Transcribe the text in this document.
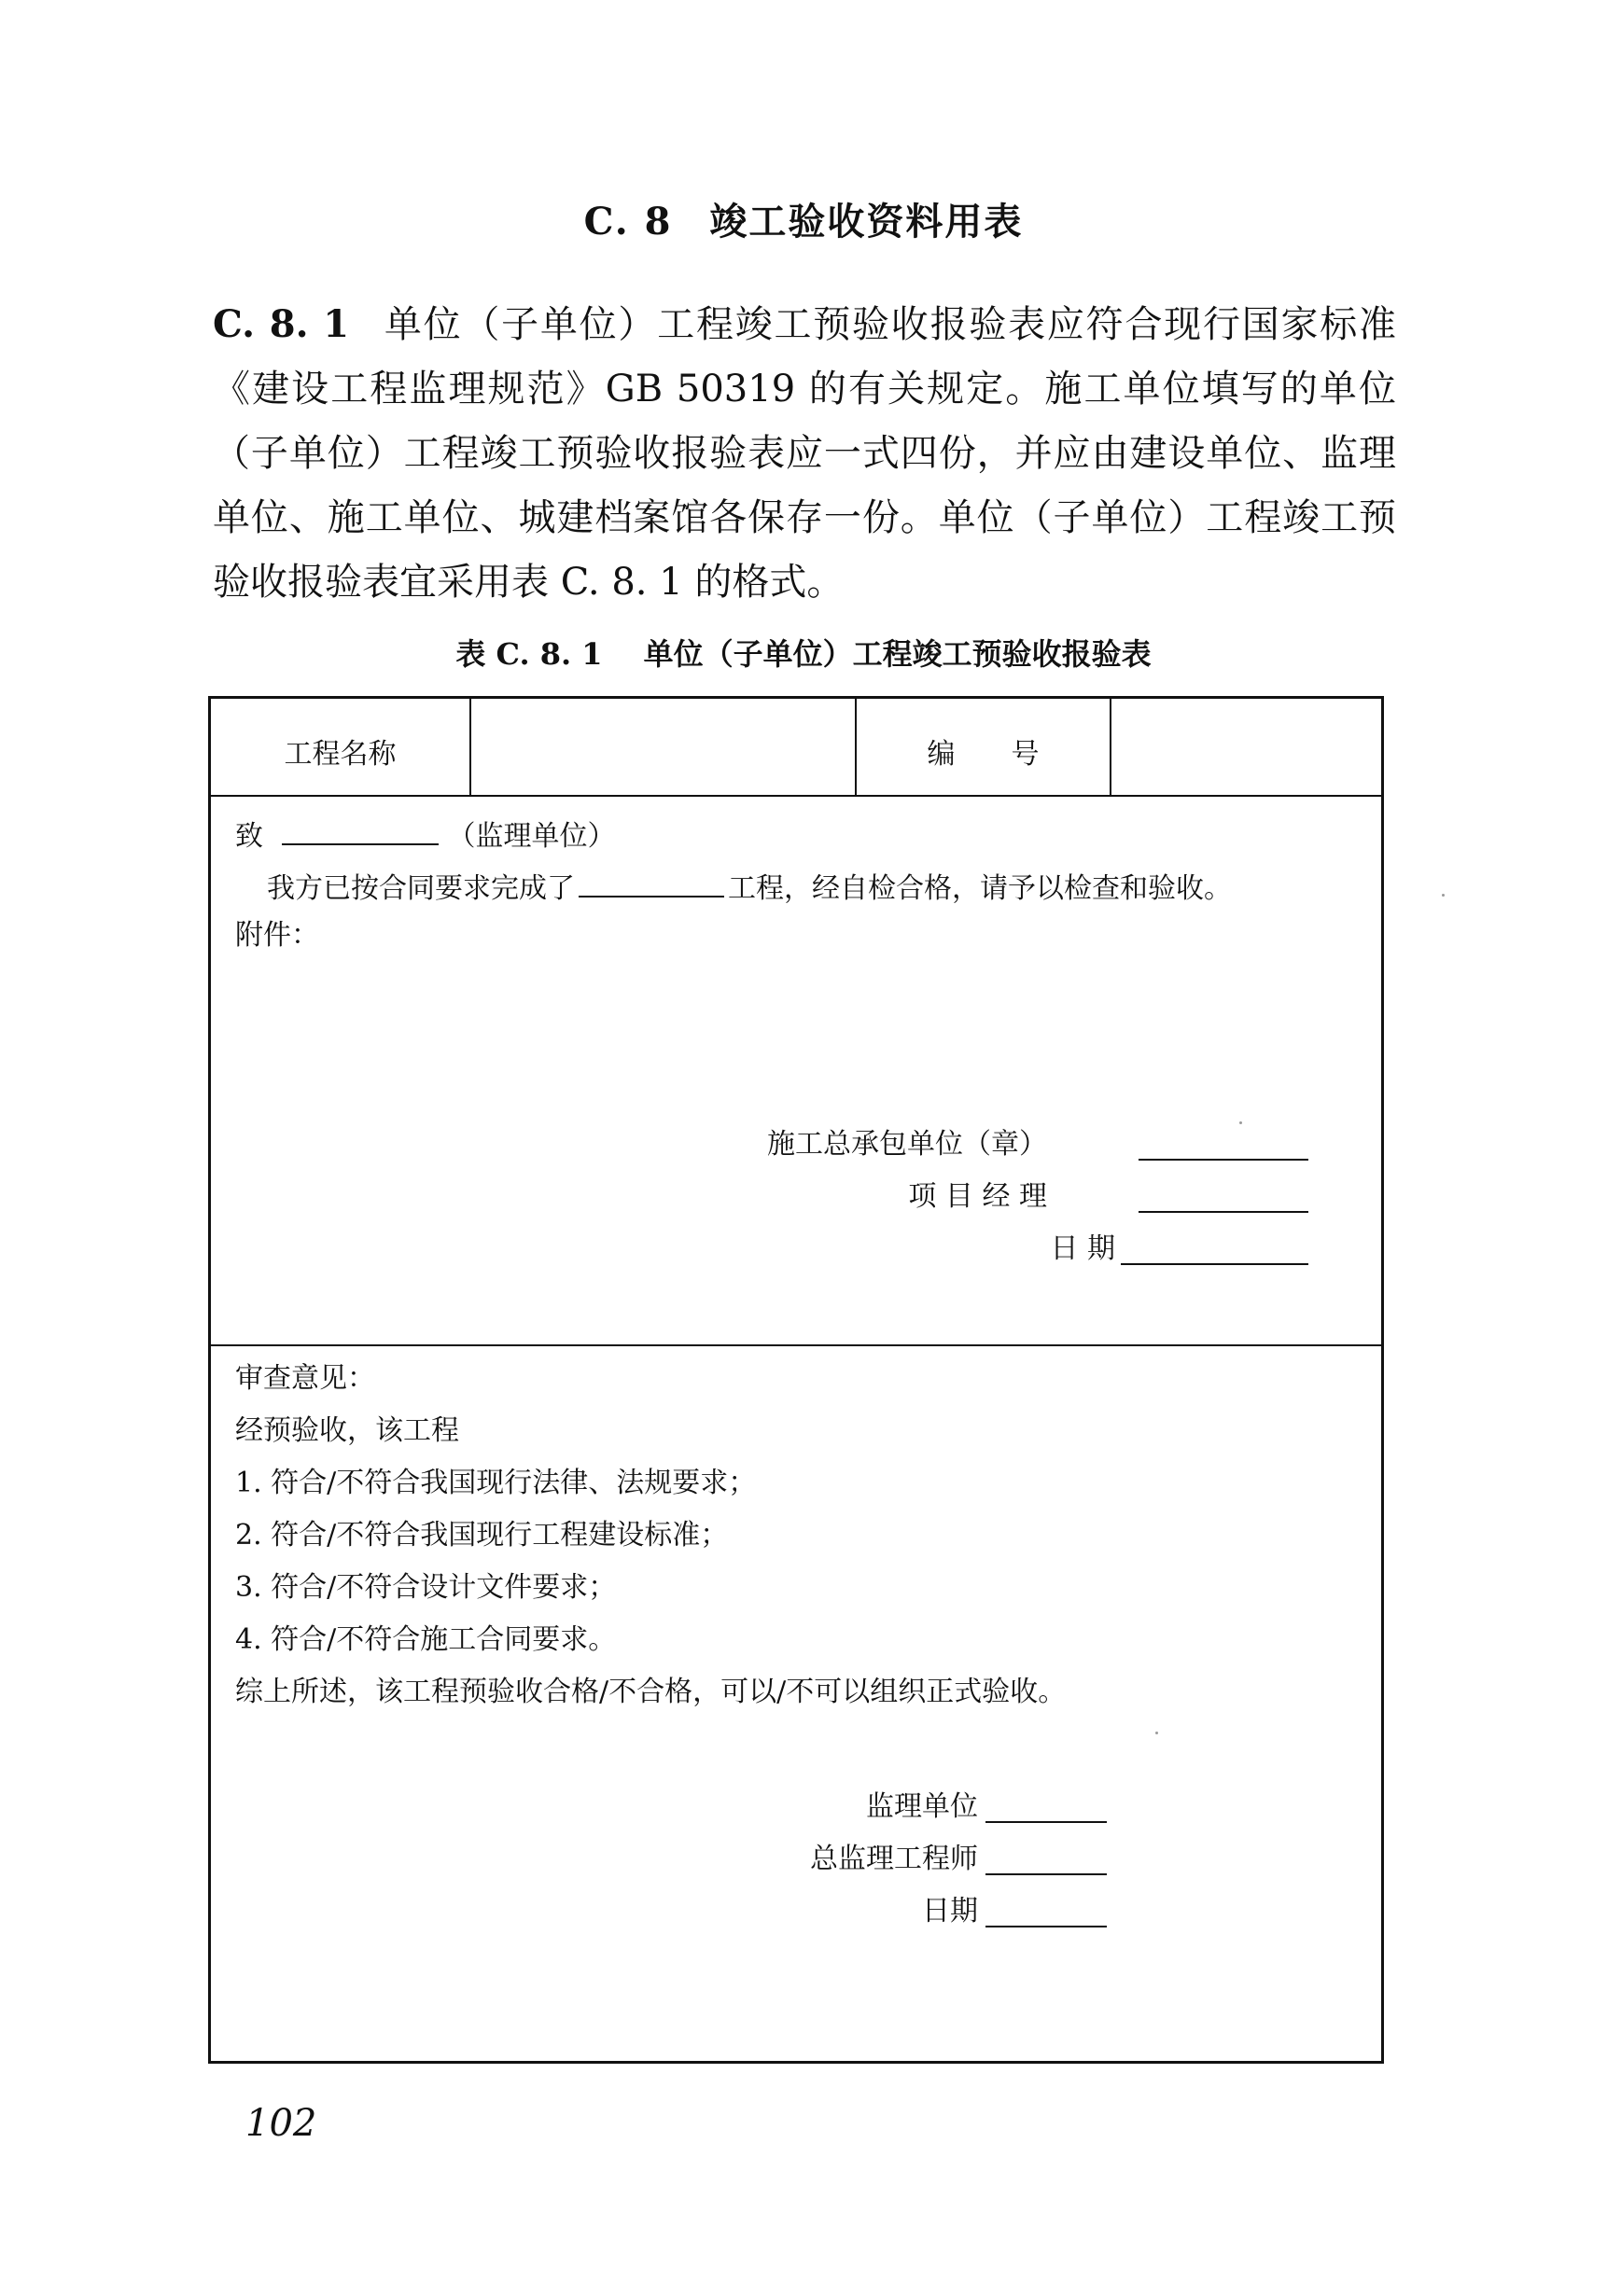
C. 8 竣工验收资料用表
C. 8. 1 单位（子单位）工程竣工预验收报验表应符合现行国家标准《建设工程监理规范》GB 50319 的有关规定。施工单位填写的单位（子单位）工程竣工预验收报验表应一式四份，并应由建设单位、监理单位、施工单位、城建档案馆各保存一份。单位（子单位）工程竣工预验收报验表宜采用表 C. 8. 1 的格式。
表 C. 8. 1 单位（子单位）工程竣工预验收报验表
工程名称	编　　号
致	（监理单位）
我方已按合同要求完成了	工程，经自检合格，请予以检查和验收。
附件：
施工总承包单位（章）
项 目 经 理
日 期
审查意见：
经预验收，该工程
1. 符合/不符合我国现行法律、法规要求；
2. 符合/不符合我国现行工程建设标准；
3. 符合/不符合设计文件要求；
4. 符合/不符合施工合同要求。
综上所述，该工程预验收合格/不合格，可以/不可以组织正式验收。
监理单位
总监理工程师
日期
102
